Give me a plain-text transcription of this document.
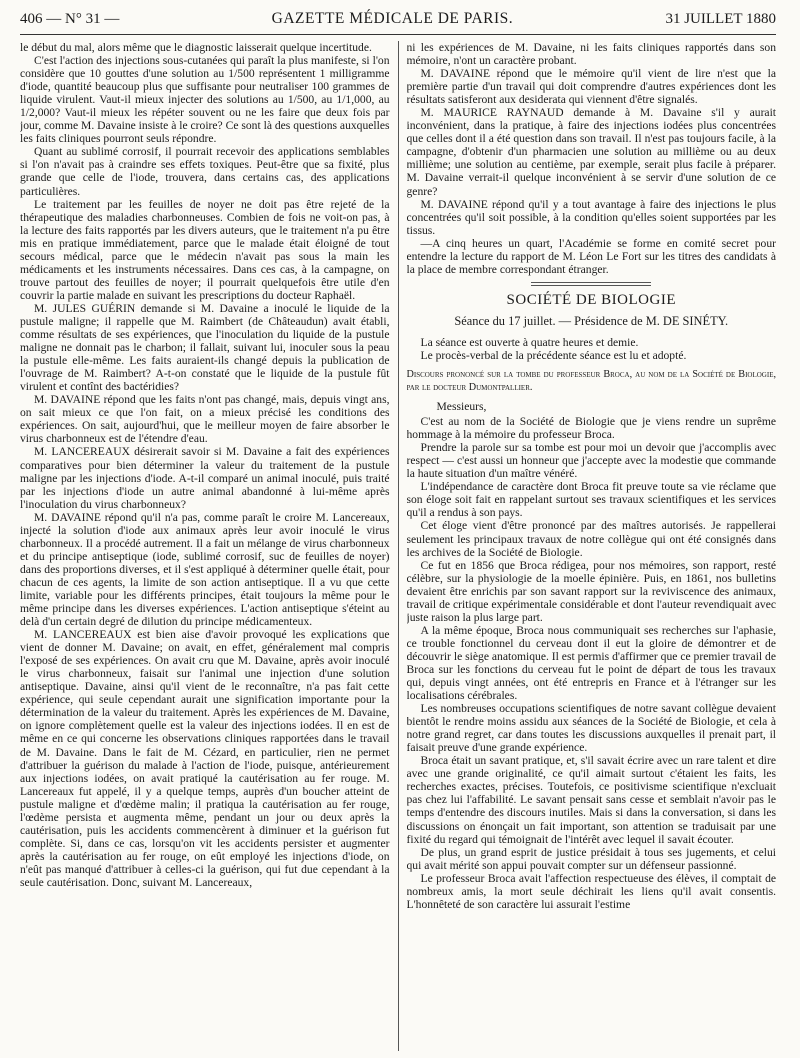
406 — N° 31 —	GAZETTE MÉDICALE DE PARIS.	31 JUILLET 1880

le début du mal, alors même que le diagnostic laisserait quelque incertitude.

C'est l'action des injections sous-cutanées qui paraît la plus manifeste, si l'on considère que 10 gouttes d'une solution au 1/500 représentent 1 milligramme d'iode, quantité beaucoup plus que suffisante pour neutraliser 100 grammes de liquide virulent. Vaut-il mieux injecter des solutions au 1/500, au 1/1,000, au 1/2,000? Vaut-il mieux les répéter souvent ou ne les faire que deux fois par jour, comme M. Davaine insiste à le croire? Ce sont là des questions auxquelles les faits cliniques pourront seuls répondre.

Quant au sublimé corrosif, il pourrait recevoir des applications semblables si l'on n'avait pas à craindre ses effets toxiques. Peut-être que sa fixité, plus grande que celle de l'iode, trouvera, dans certains cas, des applications particulières.

Le traitement par les feuilles de noyer ne doit pas être rejeté de la thérapeutique des maladies charbonneuses. Combien de fois ne voit-on pas, à la lecture des faits rapportés par les divers auteurs, que le traitement n'a pu être mis en pratique immédiatement, parce que le malade était éloigné de tout secours médical, parce que le médecin n'avait pas sous la main les médicaments et les instruments nécessaires. Dans ces cas, à la campagne, on trouve partout des feuilles de noyer; il pourrait quelquefois être utile d'en couvrir la partie malade en suivant les prescriptions du docteur Raphaël.

M. JULES GUÉRIN demande si M. Davaine a inoculé le liquide de la pustule maligne; il rappelle que M. Raimbert (de Châteaudun) avait établi, comme résultats de ses expériences, que l'inoculation du liquide de la pustule maligne ne donnait pas le charbon; il fallait, suivant lui, inoculer sous la peau la pustule elle-même. Les faits auraient-ils changé depuis la publication de l'ouvrage de M. Raimbert? A-t-on constaté que le liquide de la pustule fût virulent et contînt des bactéridies?

M. DAVAINE répond que les faits n'ont pas changé, mais, depuis vingt ans, on sait mieux ce que l'on fait, on a mieux précisé les conditions des expériences. On sait, aujourd'hui, que le meilleur moyen de faire absorber le virus charbonneux est de l'étendre d'eau.

M. LANCEREAUX désirerait savoir si M. Davaine a fait des expériences comparatives pour bien déterminer la valeur du traitement de la pustule maligne par les injections d'iode. A-t-il comparé un animal inoculé, puis traité par les injections d'iode un autre animal abandonné à lui-même après l'inoculation du virus charbonneux?

M. DAVAINE répond qu'il n'a pas, comme paraît le croire M. Lancereaux, injecté la solution d'iode aux animaux après leur avoir inoculé le virus charbonneux. Il a procédé autrement. Il a fait un mélange de virus charbonneux et du principe antiseptique (iode, sublimé corrosif, suc de feuilles de noyer) dans des proportions diverses, et il s'est appliqué à déterminer quelle était, pour chacun de ces agents, la limite de son action antiseptique. Il a vu que cette limite, variable pour les différents principes, était toujours la même pour le même principe dans les diverses expériences. L'action antiseptique s'éteint au delà d'un certain degré de dilution du principe médicamenteux.

M. LANCEREAUX est bien aise d'avoir provoqué les explications que vient de donner M. Davaine; on avait, en effet, généralement mal compris l'exposé de ses expériences. On avait cru que M. Davaine, après avoir inoculé le virus charbonneux, faisait sur l'animal une injection d'une solution antiseptique. Davaine, ainsi qu'il vient de le reconnaître, n'a pas fait cette expérience, qui seule cependant aurait une signification importante pour la détermination de la valeur du traitement. Après les expériences de M. Davaine, on ignore complètement quelle est la valeur des injections iodées. Il en est de même en ce qui concerne les observations cliniques rapportées dans le travail de M. Davaine. Dans le fait de M. Cézard, en particulier, rien ne permet d'attribuer la guérison du malade à l'action de l'iode, puisque, antérieurement aux injections iodées, on avait pratiqué la cautérisation au fer rouge. M. Lancereaux fut appelé, il y a quelque temps, auprès d'un boucher atteint de pustule maligne et d'œdème malin; il pratiqua la cautérisation au fer rouge, l'œdème persista et augmenta même, pendant un jour ou deux après la cautérisation, puis les accidents commencèrent à diminuer et la guérison fut complète. Si, dans ce cas, lorsqu'on vit les accidents persister et augmenter après la cautérisation au fer rouge, on eût employé les injections d'iode, on n'eût pas manqué d'attribuer à celles-ci la guérison, qui fut due cependant à la seule cautérisation. Donc, suivant M. Lancereaux,

ni les expériences de M. Davaine, ni les faits cliniques rapportés dans son mémoire, n'ont un caractère probant.

M. DAVAINE répond que le mémoire qu'il vient de lire n'est que la première partie d'un travail qui doit comprendre d'autres expériences dont les résultats satisferont aux desiderata qui viennent d'être signalés.

M. MAURICE RAYNAUD demande à M. Davaine s'il y aurait inconvénient, dans la pratique, à faire des injections iodées plus concentrées que celles dont il a été question dans son travail. Il n'est pas toujours facile, à la campagne, d'obtenir d'un pharmacien une solution au millième ou au deux millième; une solution au centième, par exemple, serait plus facile à préparer. M. Davaine verrait-il quelque inconvénient à se servir d'une solution de ce genre?

M. DAVAINE répond qu'il y a tout avantage à faire des injections le plus concentrées qu'il soit possible, à la condition qu'elles soient supportées par les tissus.

—A cinq heures un quart, l'Académie se forme en comité secret pour entendre la lecture du rapport de M. Léon Le Fort sur les titres des candidats à la place de membre correspondant étranger.

SOCIÉTÉ DE BIOLOGIE
Séance du 17 juillet. — Présidence de M. DE SINÉTY.

La séance est ouverte à quatre heures et demie.

Le procès-verbal de la précédente séance est lu et adopté.

Discours prononcé sur la tombe du professeur Broca, au nom de la Société de Biologie, par le docteur Dumontpallier.

Messieurs,

C'est au nom de la Société de Biologie que je viens rendre un suprême hommage à la mémoire du professeur Broca.

Prendre la parole sur sa tombe est pour moi un devoir que j'accomplis avec respect — c'est aussi un honneur que j'accepte avec la modestie que commande la haute situation d'un maître vénéré.

L'indépendance de caractère dont Broca fit preuve toute sa vie réclame que son éloge soit fait en rappelant surtout ses travaux scientifiques et les services qu'il a rendus à son pays.

Cet éloge vient d'être prononcé par des maîtres autorisés. Je rappellerai seulement les principaux travaux de notre collègue qui ont été consignés dans les archives de la Société de Biologie.

Ce fut en 1856 que Broca rédigea, pour nos mémoires, son rapport, resté célèbre, sur la physiologie de la moelle épinière. Puis, en 1861, nos bulletins devaient être enrichis par son savant rapport sur la reviviscence des animaux, travail de critique expérimentale considérable et dont l'auteur revendiquait avec juste raison la plus large part.

A la même époque, Broca nous communiquait ses recherches sur l'aphasie, ce trouble fonctionnel du cerveau dont il eut la gloire de démontrer et de découvrir le siège anatomique. Il est permis d'affirmer que ce premier travail de Broca sur les fonctions du cerveau fut le point de départ de tous les travaux qui, depuis vingt années, ont été entrepris en France et à l'étranger sur les localisations cérébrales.

Les nombreuses occupations scientifiques de notre savant collègue devaient bientôt le rendre moins assidu aux séances de la Société de Biologie, et cela à notre grand regret, car dans toutes les discussions auxquelles il prenait part, il faisait preuve d'une grande expérience.

Broca était un savant pratique, et, s'il savait écrire avec un rare talent et dire avec une grande originalité, ce qu'il aimait surtout c'étaient les faits, les recherches exactes, précises. Toutefois, ce positivisme scientifique n'excluait pas chez lui l'affabilité. Le savant pensait sans cesse et semblait n'avoir pas le temps d'entendre des discours inutiles. Mais si dans la conversation, si dans les discussions on énonçait un fait important, son attention se traduisait par une fixité du regard qui témoignait de l'intérêt avec lequel il savait écouter.

De plus, un grand esprit de justice présidait à tous ses jugements, et celui qui avait mérité son appui pouvait compter sur un défenseur passionné.

Le professeur Broca avait l'affection respectueuse des élèves, il comptait de nombreux amis, la mort seule déchirait les liens qu'il avait consentis. L'honnêteté de son caractère lui assurait l'estime
